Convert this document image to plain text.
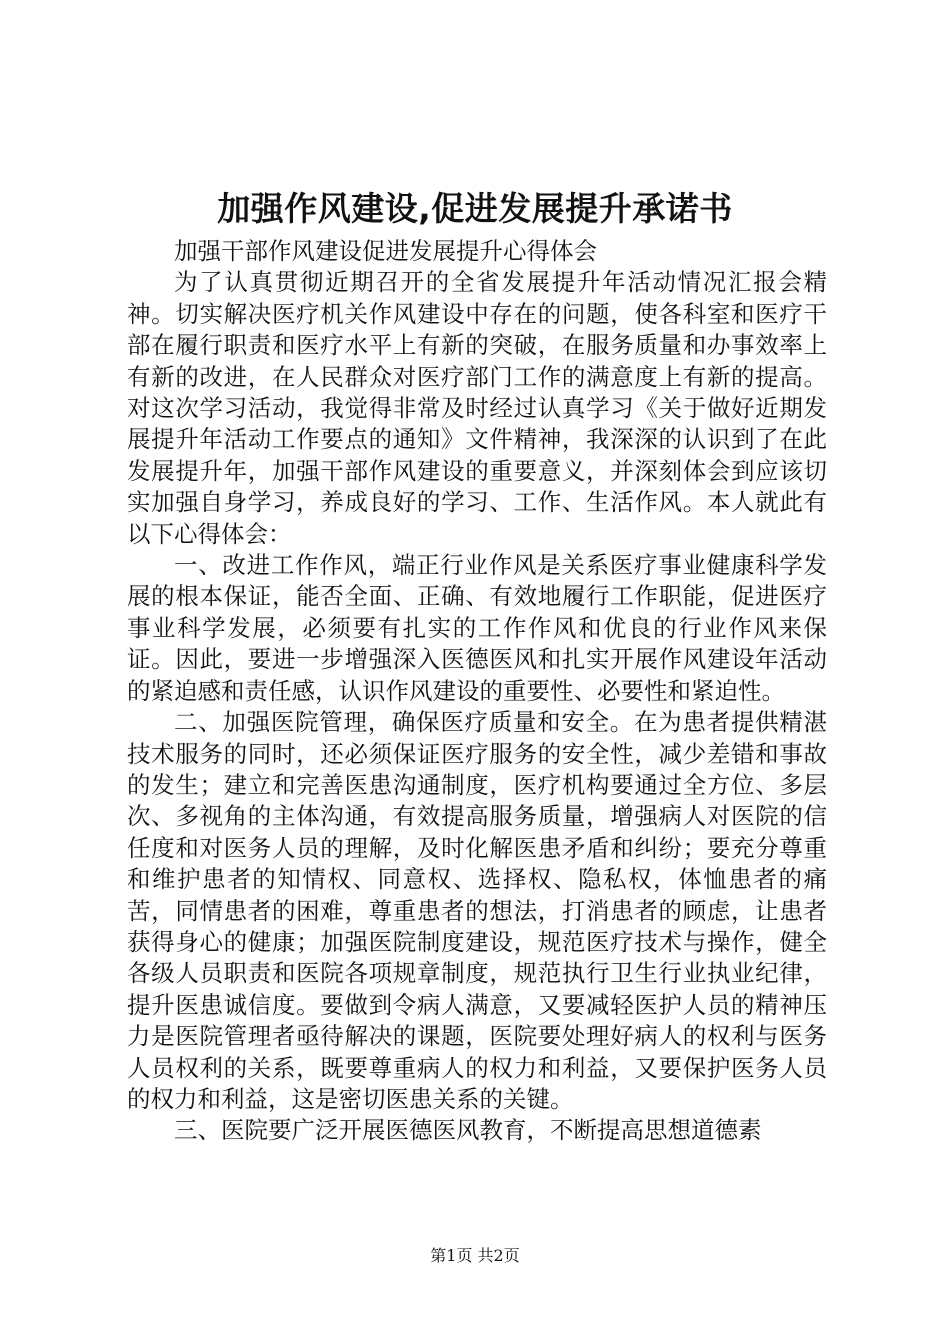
加强作风建设,促进发展提升承诺书

加强干部作风建设促进发展提升心得体会

为了认真贯彻近期召开的全省发展提升年活动情况汇报会精神。切实解决医疗机关作风建设中存在的问题，使各科室和医疗干部在履行职责和医疗水平上有新的突破，在服务质量和办事效率上有新的改进，在人民群众对医疗部门工作的满意度上有新的提高。对这次学习活动，我觉得非常及时经过认真学习《关于做好近期发展提升年活动工作要点的通知》文件精神，我深深的认识到了在此发展提升年，加强干部作风建设的重要意义，并深刻体会到应该切实加强自身学习，养成良好的学习、工作、生活作风。本人就此有以下心得体会：

一、改进工作作风，端正行业作风是关系医疗事业健康科学发展的根本保证，能否全面、正确、有效地履行工作职能，促进医疗事业科学发展，必须要有扎实的工作作风和优良的行业作风来保证。因此，要进一步增强深入医德医风和扎实开展作风建设年活动的紧迫感和责任感，认识作风建设的重要性、必要性和紧迫性。

二、加强医院管理，确保医疗质量和安全。在为患者提供精湛技术服务的同时，还必须保证医疗服务的安全性，减少差错和事故的发生；建立和完善医患沟通制度，医疗机构要通过全方位、多层次、多视角的主体沟通，有效提高服务质量，增强病人对医院的信任度和对医务人员的理解，及时化解医患矛盾和纠纷；要充分尊重和维护患者的知情权、同意权、选择权、隐私权，体恤患者的痛苦，同情患者的困难，尊重患者的想法，打消患者的顾虑，让患者获得身心的健康；加强医院制度建设，规范医疗技术与操作，健全各级人员职责和医院各项规章制度，规范执行卫生行业执业纪律，提升医患诚信度。要做到令病人满意，又要减轻医护人员的精神压力是医院管理者亟待解决的课题，医院要处理好病人的权利与医务人员权利的关系，既要尊重病人的权力和利益，又要保护医务人员的权力和利益，这是密切医患关系的关键。

三、医院要广泛开展医德医风教育，不断提高思想道德素

第1页 共2页
